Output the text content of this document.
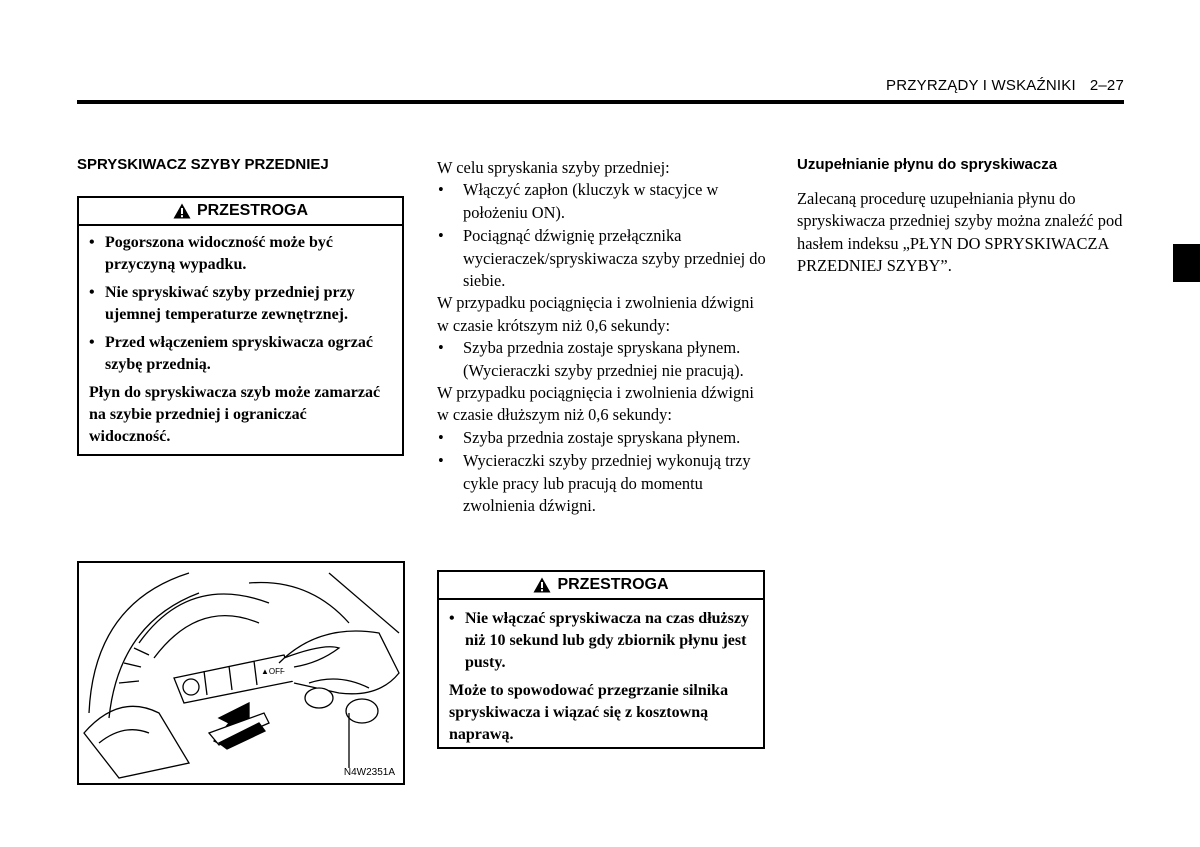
PRZYRZĄDY I WSKAŹNIKI 2–27
SPRYSKIWACZ SZYBY PRZEDNIEJ
PRZESTROGA
• Pogorszona widoczność może być przyczyną wypadku.
• Nie spryskiwać szyby przedniej przy ujemnej temperaturze zewnętrznej.
• Przed włączeniem spryskiwacza ogrzać szybę przednią.

Płyn do spryskiwacza szyb może zamarzać na szybie przedniej i ograniczać widoczność.

▲OFF
N4W2351A

W celu spryskania szyby przedniej:

• Włączyć zapłon (kluczyk w stacyjce w położeniu ON).
• Pociągnąć dźwignię przełącznika wycieraczek/spryskiwacza szyby przedniej do siebie.

W przypadku pociągnięcia i zwolnienia dźwigni w czasie krótszym niż 0,6 sekundy:

• Szyba przednia zostaje spryskana płynem. (Wycieraczki szyby przedniej nie pracują).

W przypadku pociągnięcia i zwolnienia dźwigni w czasie dłuższym niż 0,6 sekundy:

• Szyba przednia zostaje spryskana płynem.
• Wycieraczki szyby przedniej wykonują trzy cykle pracy lub pracują do momentu zwolnienia dźwigni.
PRZESTROGA
• Nie włączać spryskiwacza na czas dłuższy niż 10 sekund lub gdy zbiornik płynu jest pusty.

Może to spowodować przegrzanie silnika spryskiwacza i wiązać się z kosztowną naprawą.

Uzupełnianie płynu do spryskiwacza
Zalecaną procedurę uzupełniania płynu do spryskiwacza przedniej szyby można znaleźć pod hasłem indeksu „PŁYN DO SPRYSKIWACZA PRZEDNIEJ SZYBY”.
